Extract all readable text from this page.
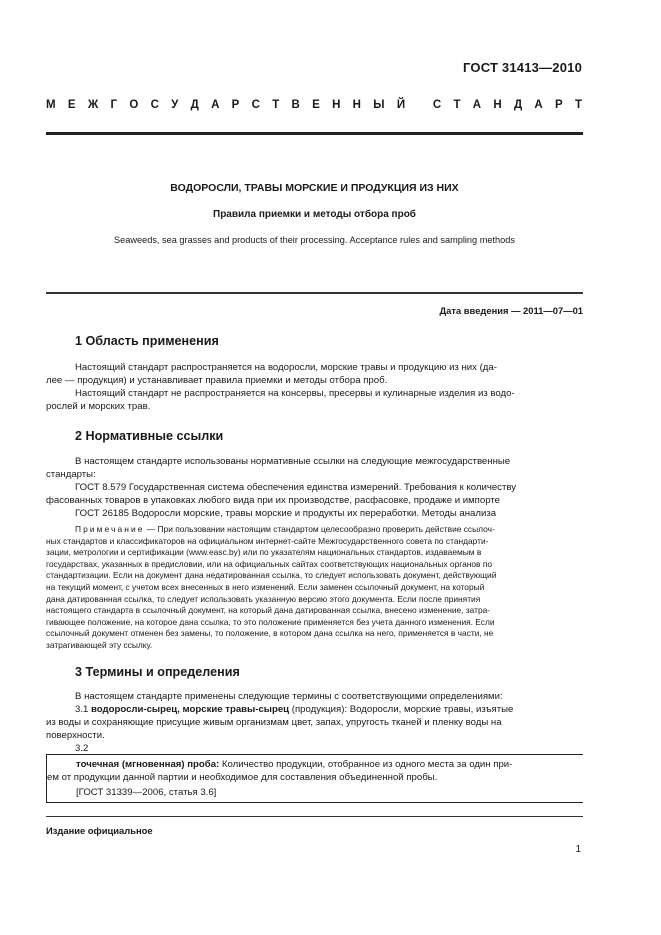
ГОСТ 31413—2010
М Е Ж Г О С У Д А Р С Т В Е Н Н Ы Й
С Т А Н Д А Р Т
ВОДОРОСЛИ, ТРАВЫ МОРСКИЕ И ПРОДУКЦИЯ ИЗ НИХ
Правила приемки и методы отбора проб
Seaweeds, sea grasses and products of their processing. Acceptance rules and sampling methods
Дата введения — 2011—07—01
1 Область применения
Настоящий стандарт распространяется на водоросли, морские травы и продукцию из них (да-
лее — продукция) и устанавливает правила приемки и методы отбора проб.
Настоящий стандарт не распространяется на консервы, пресервы и кулинарные изделия из водо-
рослей и морских трав.
2 Нормативные ссылки
В настоящем стандарте использованы нормативные ссылки на следующие межгосударственные
стандарты:
ГОСТ 8.579 Государственная система обеспечения единства измерений. Требования к количеству
фасованных товаров в упаковках любого вида при их производстве, расфасовке, продаже и импорте
ГОСТ 26185 Водоросли морские, травы морские и продукты их переработки. Методы анализа
Примечание — При пользовании настоящим стандартом целесообразно проверить действие ссылоч-
ных стандартов и классификаторов на официальном интернет-сайте Межгосударственного совета по стандарти-
зации, метрологии и сертификации (www.easc.by) или по указателям национальных стандартов, издаваемым в
государствах, указанных в предисловии, или на официальных сайтах соответствующих национальных органов по
стандартизации. Если на документ дана недатированная ссылка, то следует использовать документ, действующий
на текущий момент, с учетом всех внесенных в него изменений. Если заменен ссылочный документ, на который
дана датированная ссылка, то следует использовать указанную версию этого документа. Если после принятия
настоящего стандарта в ссылочный документ, на который дана датированная ссылка, внесено изменение, затра-
гивающее положение, на которое дана ссылка, то это положение применяется без учета данного изменения. Если
ссылочный документ отменен без замены, то положение, в котором дана ссылка на него, применяется в части, не
затрагивающей эту ссылку.
3 Термины и определения
В настоящем стандарте применены следующие термины с соответствующими определениями:
3.1 водоросли-сырец, морские травы-сырец (продукция): Водоросли, морские травы, изъятые
из воды и сохраняющие присущие живым организмам цвет, запах, упругость тканей и пленку воды на
поверхности.
3.2
точечная (мгновенная) проба: Количество продукции, отобранное из одного места за один при-
ем от продукции данной партии и необходимое для составления объединенной пробы.
[ГОСТ 31339—2006, статья 3.6]
Издание официальное
1
